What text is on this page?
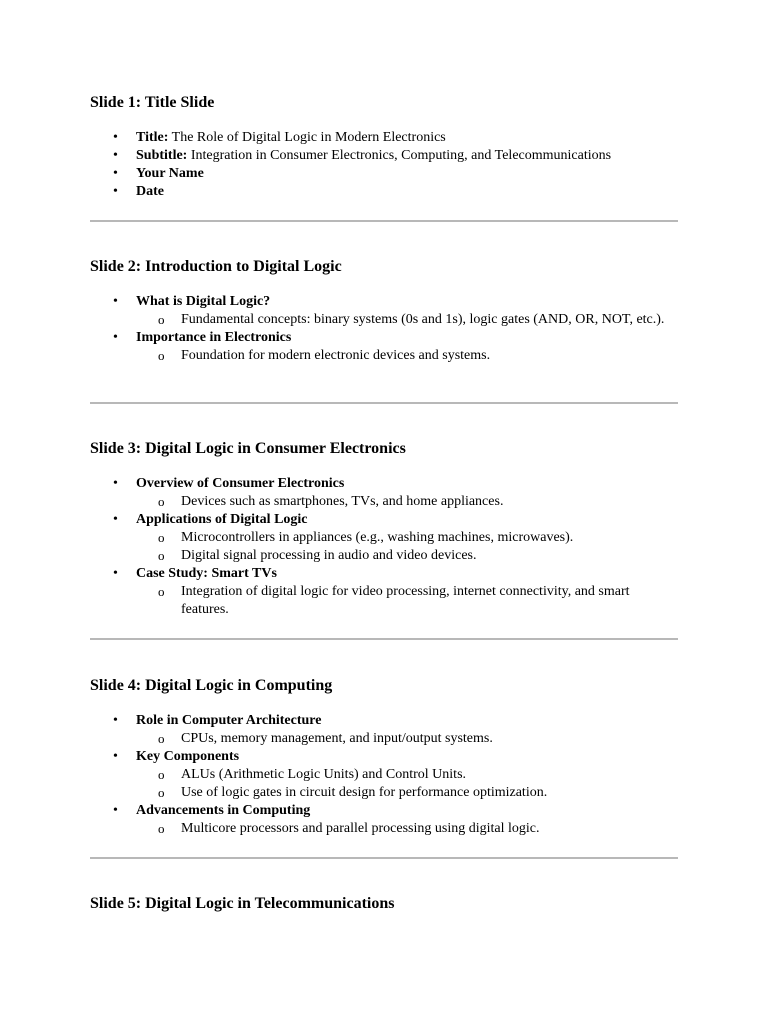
Slide 1: Title Slide
• Title: The Role of Digital Logic in Modern Electronics
• Subtitle: Integration in Consumer Electronics, Computing, and Telecommunications
• Your Name
• Date
Slide 2: Introduction to Digital Logic
• What is Digital Logic?
o Fundamental concepts: binary systems (0s and 1s), logic gates (AND, OR, NOT, etc.).
• Importance in Electronics
o Foundation for modern electronic devices and systems.
Slide 3: Digital Logic in Consumer Electronics
• Overview of Consumer Electronics
o Devices such as smartphones, TVs, and home appliances.
• Applications of Digital Logic
o Microcontrollers in appliances (e.g., washing machines, microwaves).
o Digital signal processing in audio and video devices.
• Case Study: Smart TVs
o Integration of digital logic for video processing, internet connectivity, and smart features.
Slide 4: Digital Logic in Computing
• Role in Computer Architecture
o CPUs, memory management, and input/output systems.
• Key Components
o ALUs (Arithmetic Logic Units) and Control Units.
o Use of logic gates in circuit design for performance optimization.
• Advancements in Computing
o Multicore processors and parallel processing using digital logic.
Slide 5: Digital Logic in Telecommunications
